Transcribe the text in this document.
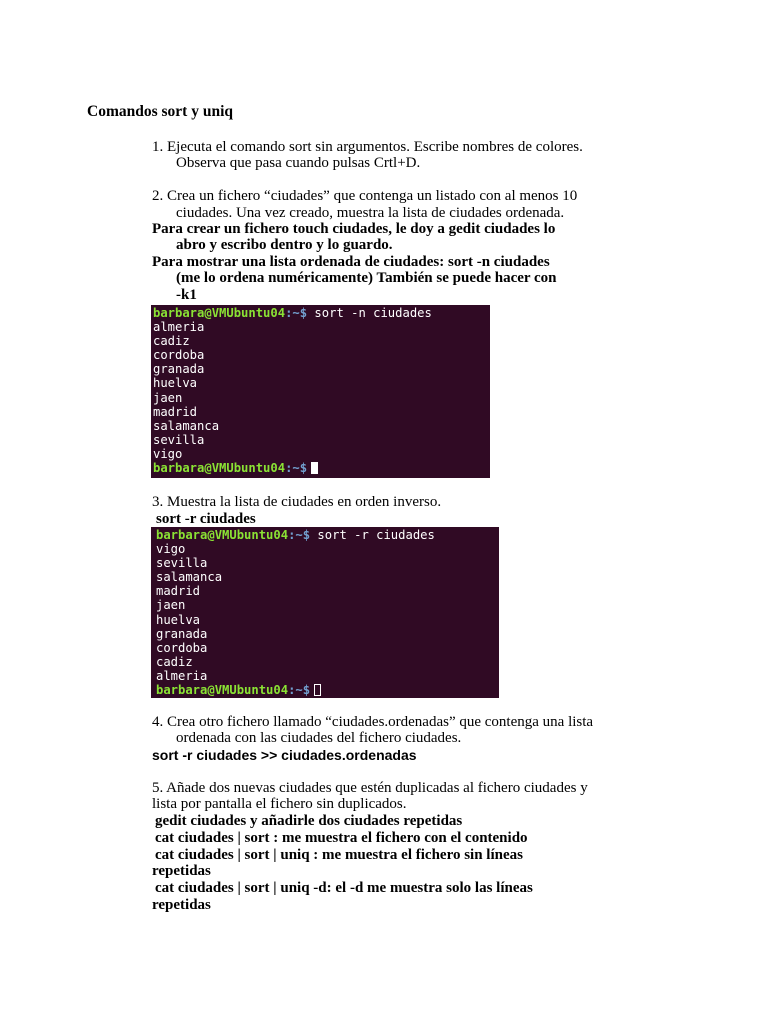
Comandos sort y uniq
1. Ejecuta el comando sort sin argumentos. Escribe nombres de colores.
Observa que pasa cuando pulsas Crtl+D.
2. Crea un fichero “ciudades” que contenga un listado con al menos 10
ciudades. Una vez creado, muestra la lista de ciudades ordenada.
Para crear un fichero touch ciudades, le doy a gedit ciudades lo
abro y escribo dentro y lo guardo.
Para mostrar una lista ordenada de ciudades: sort -n ciudades
(me lo ordena numéricamente) También se puede hacer con
-k1
barbara@VMUbuntu04:~$ sort -n ciudades
almeria
cadiz
cordoba
granada
huelva
jaen
madrid
salamanca
sevilla
vigo
barbara@VMUbuntu04:~$
3. Muestra la lista de ciudades en orden inverso.
sort -r ciudades
barbara@VMUbuntu04:~$ sort -r ciudades
vigo
sevilla
salamanca
madrid
jaen
huelva
granada
cordoba
cadiz
almeria
barbara@VMUbuntu04:~$
4. Crea otro fichero llamado “ciudades.ordenadas” que contenga una lista
ordenada con las ciudades del fichero ciudades.
sort -r ciudades >> ciudades.ordenadas
5. Añade dos nuevas ciudades que estén duplicadas al fichero ciudades y
lista por pantalla el fichero sin duplicados.
gedit ciudades y añadirle dos ciudades repetidas
cat ciudades | sort : me muestra el fichero con el contenido
cat ciudades | sort | uniq : me muestra el fichero sin líneas
repetidas
cat ciudades | sort | uniq -d: el -d me muestra solo las líneas
repetidas
